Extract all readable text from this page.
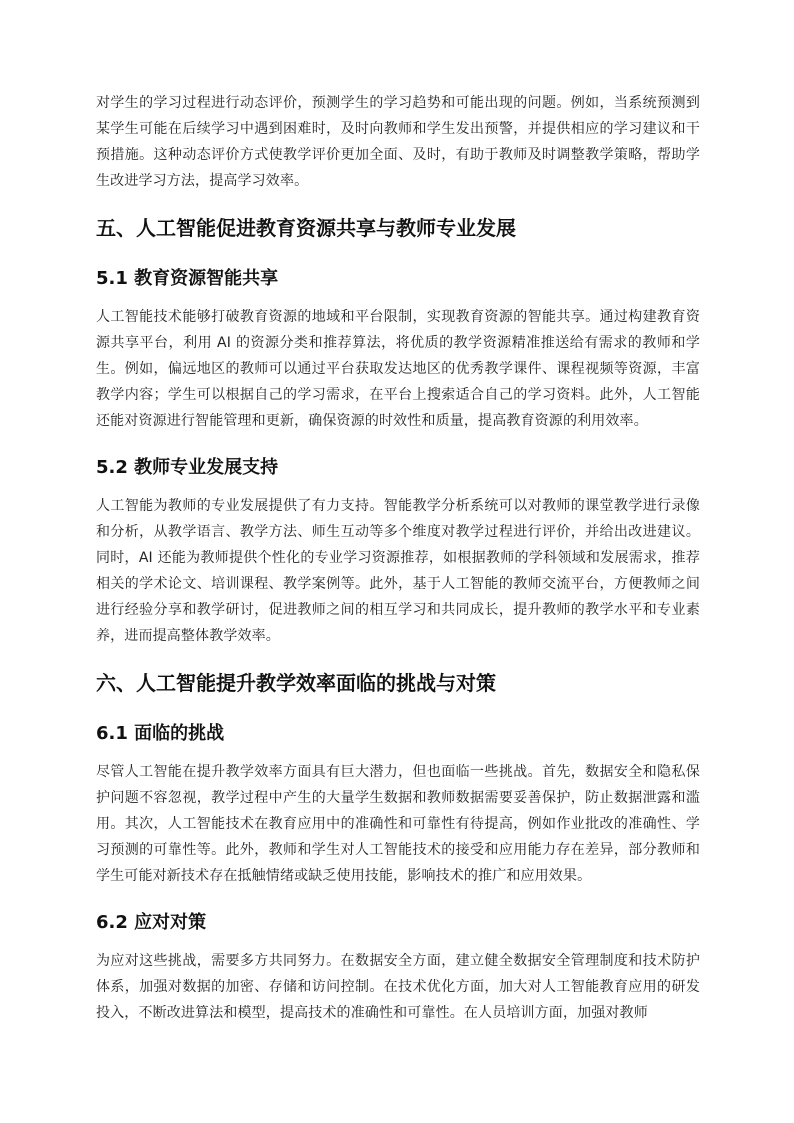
对学生的学习过程进行动态评价，预测学生的学习趋势和可能出现的问题。例如，当系统预测到某学生可能在后续学习中遇到困难时，及时向教师和学生发出预警，并提供相应的学习建议和干预措施。这种动态评价方式使教学评价更加全面、及时，有助于教师及时调整教学策略，帮助学生改进学习方法，提高学习效率。

五、人工智能促进教育资源共享与教师专业发展
5.1 教育资源智能共享

人工智能技术能够打破教育资源的地域和平台限制，实现教育资源的智能共享。通过构建教育资源共享平台，利用 AI 的资源分类和推荐算法，将优质的教学资源精准推送给有需求的教师和学生。例如，偏远地区的教师可以通过平台获取发达地区的优秀教学课件、课程视频等资源，丰富教学内容；学生可以根据自己的学习需求，在平台上搜索适合自己的学习资料。此外，人工智能还能对资源进行智能管理和更新，确保资源的时效性和质量，提高教育资源的利用效率。

5.2 教师专业发展支持

人工智能为教师的专业发展提供了有力支持。智能教学分析系统可以对教师的课堂教学进行录像和分析，从教学语言、教学方法、师生互动等多个维度对教学过程进行评价，并给出改进建议。同时，AI 还能为教师提供个性化的专业学习资源推荐，如根据教师的学科领域和发展需求，推荐相关的学术论文、培训课程、教学案例等。此外，基于人工智能的教师交流平台，方便教师之间进行经验分享和教学研讨，促进教师之间的相互学习和共同成长，提升教师的教学水平和专业素养，进而提高整体教学效率。

六、人工智能提升教学效率面临的挑战与对策
6.1 面临的挑战

尽管人工智能在提升教学效率方面具有巨大潜力，但也面临一些挑战。首先，数据安全和隐私保护问题不容忽视，教学过程中产生的大量学生数据和教师数据需要妥善保护，防止数据泄露和滥用。其次，人工智能技术在教育应用中的准确性和可靠性有待提高，例如作业批改的准确性、学习预测的可靠性等。此外，教师和学生对人工智能技术的接受和应用能力存在差异，部分教师和学生可能对新技术存在抵触情绪或缺乏使用技能，影响技术的推广和应用效果。

6.2 应对对策

为应对这些挑战，需要多方共同努力。在数据安全方面，建立健全数据安全管理制度和技术防护体系，加强对数据的加密、存储和访问控制。在技术优化方面，加大对人工智能教育应用的研发投入，不断改进算法和模型，提高技术的准确性和可靠性。在人员培训方面，加强对教师
